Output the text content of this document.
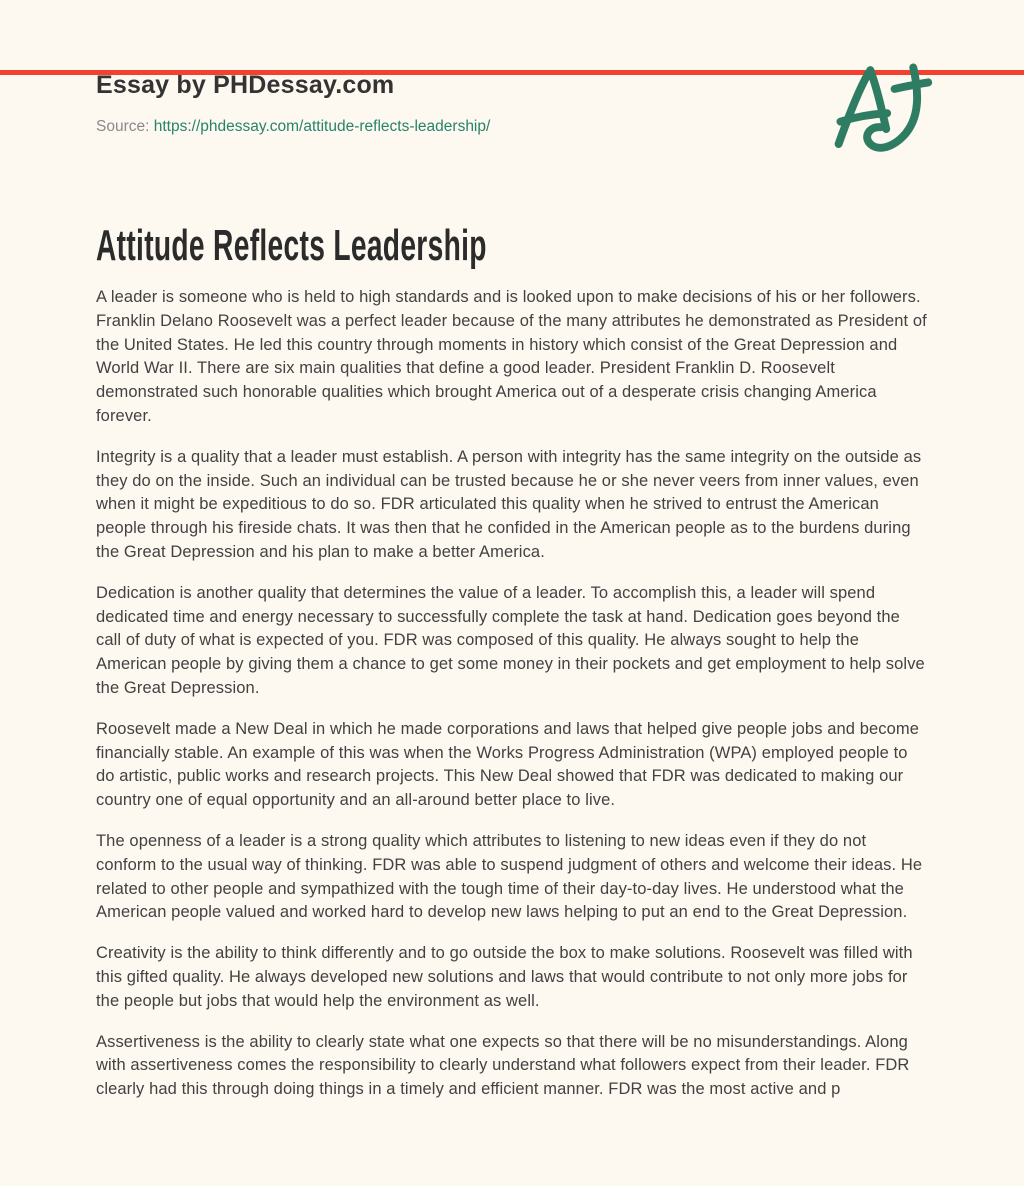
Essay by PHDessay.com
Source: https://phdessay.com/attitude-reflects-leadership/
Attitude Reflects Leadership

A leader is someone who is held to high standards and is looked upon to make decisions of his or her followers. Franklin Delano Roosevelt was a perfect leader because of the many attributes he demonstrated as President of the United States. He led this country through moments in history which consist of the Great Depression and World War II. There are six main qualities that define a good leader. President Franklin D. Roosevelt demonstrated such honorable qualities which brought America out of a desperate crisis changing America forever.

Integrity is a quality that a leader must establish. A person with integrity has the same integrity on the outside as they do on the inside. Such an individual can be trusted because he or she never veers from inner values, even when it might be expeditious to do so. FDR articulated this quality when he strived to entrust the American people through his fireside chats. It was then that he confided in the American people as to the burdens during the Great Depression and his plan to make a better America.

Dedication is another quality that determines the value of a leader. To accomplish this, a leader will spend dedicated time and energy necessary to successfully complete the task at hand. Dedication goes beyond the call of duty of what is expected of you. FDR was composed of this quality. He always sought to help the American people by giving them a chance to get some money in their pockets and get employment to help solve the Great Depression.

Roosevelt made a New Deal in which he made corporations and laws that helped give people jobs and become financially stable. An example of this was when the Works Progress Administration (WPA) employed people to do artistic, public works and research projects. This New Deal showed that FDR was dedicated to making our country one of equal opportunity and an all-around better place to live.

The openness of a leader is a strong quality which attributes to listening to new ideas even if they do not conform to the usual way of thinking. FDR was able to suspend judgment of others and welcome their ideas. He related to other people and sympathized with the tough time of their day-to-day lives. He understood what the American people valued and worked hard to develop new laws helping to put an end to the Great Depression.

Creativity is the ability to think differently and to go outside the box to make solutions. Roosevelt was filled with this gifted quality. He always developed new solutions and laws that would contribute to not only more jobs for the people but jobs that would help the environment as well.

Assertiveness is the ability to clearly state what one expects so that there will be no misunderstandings. Along with assertiveness comes the responsibility to clearly understand what followers expect from their leader. FDR clearly had this through doing things in a timely and efficient manner. FDR was the most active and p
